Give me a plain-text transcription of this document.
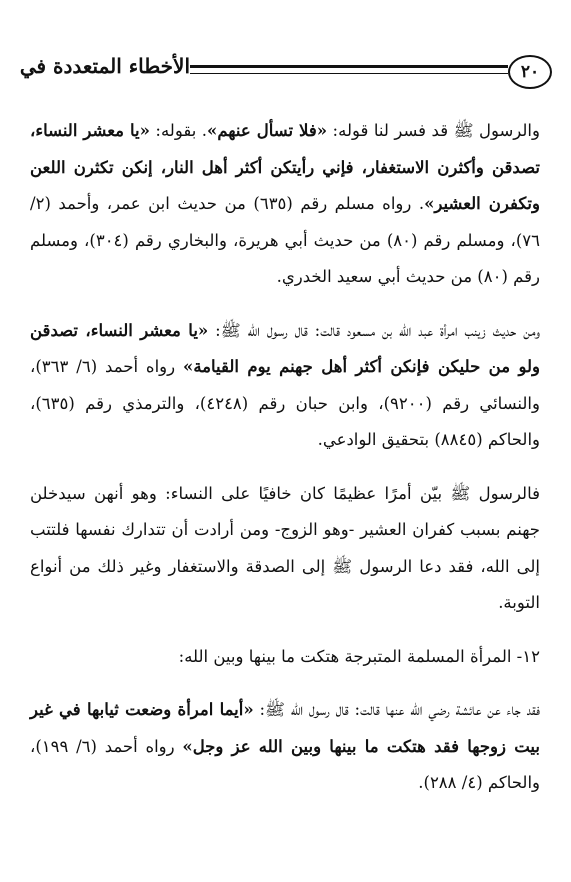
الأخطاء المتعددة في	٢٠

والرسول ﷺ قد فسر لنا قوله: «فلا تسأل عنهم». بقوله: «يا معشر النساء، تصدقن وأكثرن الاستغفار، فإني رأيتكن أكثر أهل النار، إنكن تكثرن اللعن وتكفرن العشير». رواه مسلم رقم (٦٣٥) من حديث ابن عمر، وأحمد (٢/ ٧٦)، ومسلم رقم (٨٠) من حديث أبي هريرة، والبخاري رقم (٣٠٤)، ومسلم رقم (٨٠) من حديث أبي سعيد الخدري.

ومن حديث زينب امرأة عبد الله بن مسعود قالت: قال رسول الله ﷺ: «يا معشر النساء، تصدقن ولو من حليكن فإنكن أكثر أهل جهنم يوم القيامة» رواه أحمد (٦/ ٣٦٣)، والنسائي رقم (٩٢٠٠)، وابن حبان رقم (٤٢٤٨)، والترمذي رقم (٦٣٥)، والحاكم (٨٨٤٥) بتحقيق الوادعي.

فالرسول ﷺ بيّن أمرًا عظيمًا كان خافيًا على النساء: وهو أنهن سيدخلن جهنم بسبب كفران العشير -وهو الزوج- ومن أرادت أن تتدارك نفسها فلتتب إلى الله، فقد دعا الرسول ﷺ إلى الصدقة والاستغفار وغير ذلك من أنواع التوبة.

١٢- المرأة المسلمة المتبرجة هتكت ما بينها وبين الله:

فقد جاء عن عائشة رضي الله عنها قالت: قال رسول الله ﷺ: «أيما امرأة وضعت ثيابها في غير بيت زوجها فقد هتكت ما بينها وبين الله عز وجل» رواه أحمد (٦/ ١٩٩)، والحاكم (٤/ ٢٨٨).
